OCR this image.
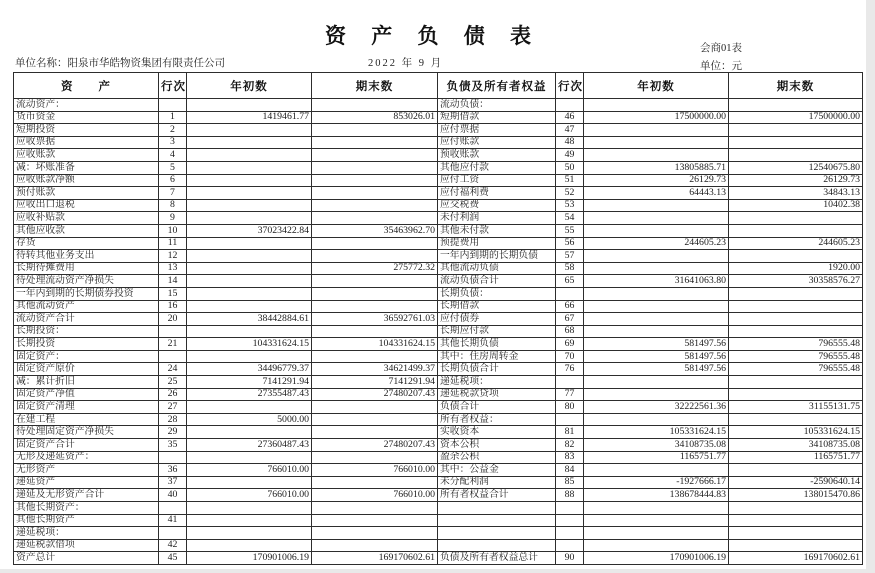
资 产 负 债 表
会商01表
单位名称：阳泉市华皓物资集团有限责任公司	2022 年 9 月	单位：元
资　　产	行次	年初数	期末数	负债及所有者权益	行次	年初数	期末数
流动资产：				流动负债：			
货币资金	1	1419461.77	853026.01	短期借款	46	17500000.00	17500000.00
短期投资	2			应付票据	47		
应收票据	3			应付账款	48		
应收账款	4			预收账款	49		
减：坏账准备	5			其他应付款	50	13805885.71	12540675.80
应收账款净额	6			应付工资	51	26129.73	26129.73
预付账款	7			应付福利费	52	64443.13	34843.13
应收出口退税	8			应交税费	53		10402.38
应收补贴款	9			未付利润	54		
其他应收款	10	37023422.84	35463962.70	其他未付款	55		
存货	11			预提费用	56	244605.23	244605.23
待转其他业务支出	12			一年内到期的长期负债	57		
长期待摊费用	13		275772.32	其他流动负债	58		1920.00
待处理流动资产净损失	14			流动负债合计	65	31641063.80	30358576.27
一年内到期的长期债券投资	15			长期负债：			
其他流动资产	16			长期借款	66		
流动资产合计	20	38442884.61	36592761.03	应付债券	67		
长期投资：				长期应付款	68		
长期投资	21	104331624.15	104331624.15	其他长期负债	69	581497.56	796555.48
固定资产：				其中：住房周转金	70	581497.56	796555.48
固定资产原价	24	34496779.37	34621499.37	长期负债合计	76	581497.56	796555.48
减：累计折旧	25	7141291.94	7141291.94	递延税项：			
固定资产净值	26	27355487.43	27480207.43	递延税款贷项	77		
固定资产清理	27			负债合计	80	32222561.36	31155131.75
在建工程	28	5000.00		所有者权益：			
待处理固定资产净损失	29			实收资本	81	105331624.15	105331624.15
固定资产合计	35	27360487.43	27480207.43	资本公积	82	34108735.08	34108735.08
无形及递延资产：				盈余公积	83	1165751.77	1165751.77
无形资产	36	766010.00	766010.00	其中：公益金	84		
递延资产	37			未分配利润	85	-1927666.17	-2590640.14
递延及无形资产合计	40	766010.00	766010.00	所有者权益合计	88	138678444.83	138015470.86
其他长期资产：							
其他长期资产	41						
递延税项：							
递延税款借项	42						
资产总计	45	170901006.19	169170602.61	负债及所有者权益总计	90	170901006.19	169170602.61
